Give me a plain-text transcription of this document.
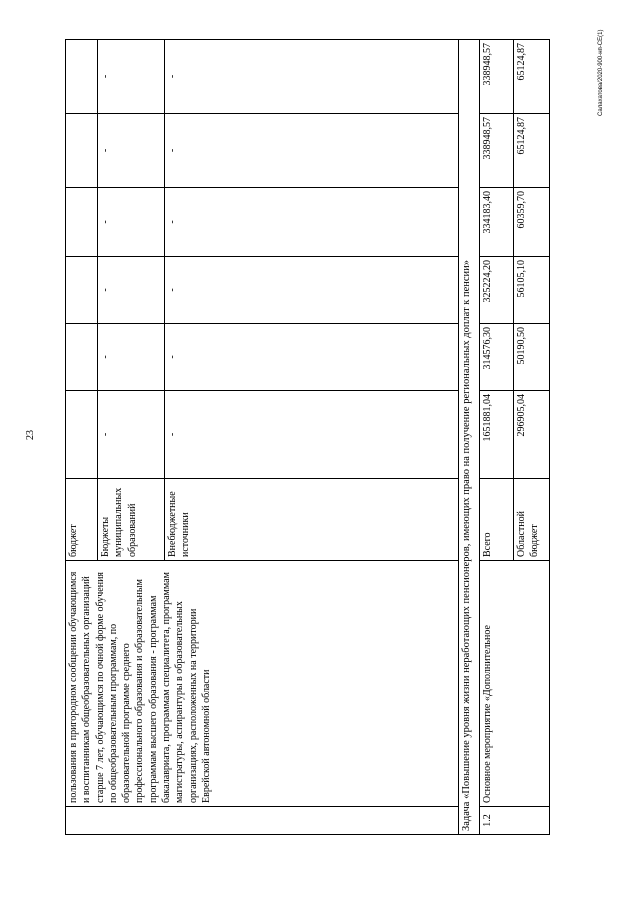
23
Салахатова/2020-900-нп-СЕ(1)
	пользования в пригородном сообщении обучающимся и воспитанникам общеобразовательных организаций старше 7 лет, обучающимся по очной форме обучения по общеобразовательным программам, по образовательной программе среднего профессионального образования и образовательным программам высшего образования - программам бакалавриата, программам специалитета, программам магистратуры, аспирантуры в образовательных организациях, расположенных на территории Еврейской автономной области	бюджет						
		Бюджеты муниципальных образований	-	-	-	-	-	-
		Внебюджетные источники	-	-	-	-	-	-
Задача «Повышение уровня жизни неработающих пенсионеров, имеющих право на получение региональных доплат к пенсии»								
1.2	Основное мероприятие «Дополнительное	Всего	1651881,04	314576,30	325224,20	334183,40	338948,57	338948,57
		Областной бюджет	296905,04	50190,50	56105,10	60359,70	65124,87	65124,87
